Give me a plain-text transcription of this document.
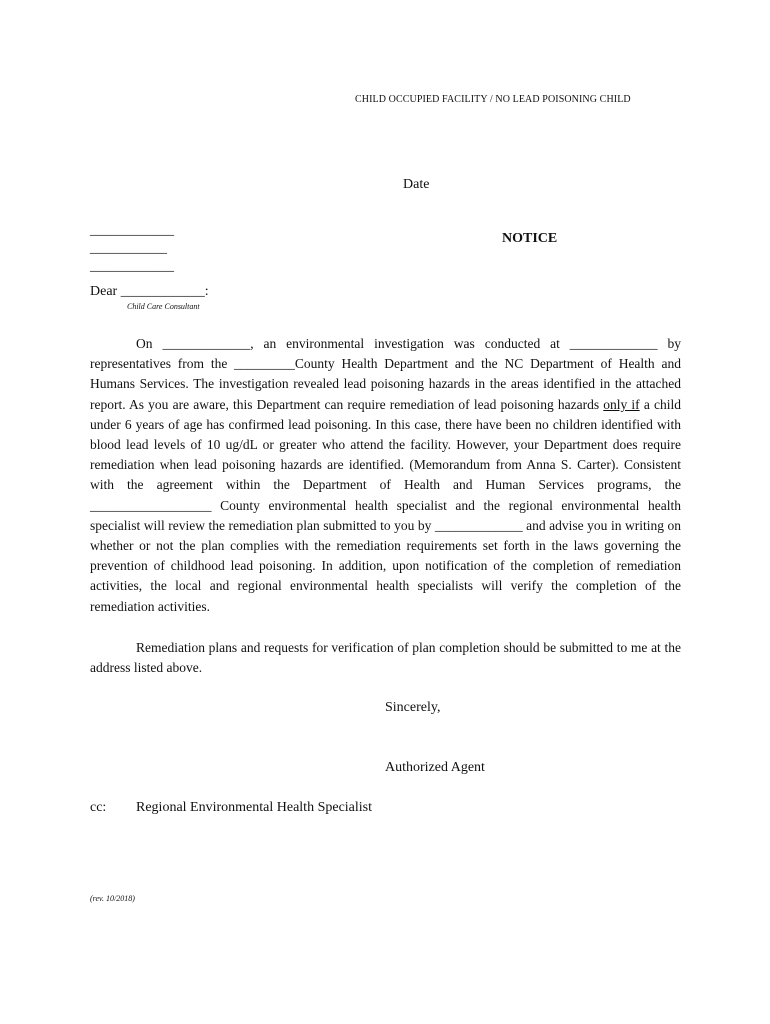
CHILD OCCUPIED FACILITY / NO LEAD POISONING CHILD
Date
____________
___________
____________
NOTICE
Dear ____________:
Child Care Consultant

On _____________, an environmental investigation was conducted at _____________ by representatives from the _________County Health Department and the NC Department of Health and Humans Services. The investigation revealed lead poisoning hazards in the areas identified in the attached report. As you are aware, this Department can require remediation of lead poisoning hazards only if a child under 6 years of age has confirmed lead poisoning. In this case, there have been no children identified with blood lead levels of 10 ug/dL or greater who attend the facility. However, your Department does require remediation when lead poisoning hazards are identified. (Memorandum from Anna S. Carter). Consistent with the agreement within the Department of Health and Human Services programs, the __________________ County environmental health specialist and the regional environmental health specialist will review the remediation plan submitted to you by _____________ and advise you in writing on whether or not the plan complies with the remediation requirements set forth in the laws governing the prevention of childhood lead poisoning. In addition, upon notification of the completion of remediation activities, the local and regional environmental health specialists will verify the completion of the remediation activities.

Remediation plans and requests for verification of plan completion should be submitted to me at the address listed above.

Sincerely,
Authorized Agent
cc: Regional Environmental Health Specialist
(rev. 10/2018)
